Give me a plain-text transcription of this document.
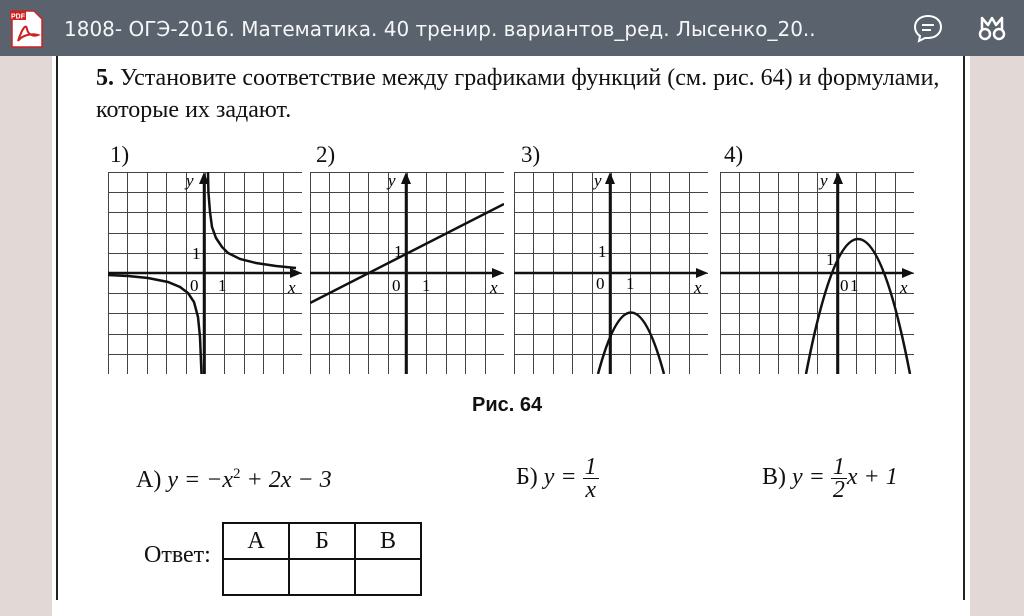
PDF 1808- ОГЭ-2016. Математика. 40 тренир. вариантов_ред. Лысенко_20..
5. Установите соответствие между графиками функций (см. рис. 64) и формулами, которые их задают.
1)	2)	3)	4)
y
x
0 1
1
y
x
0 1
1
y
x
0 1
1
y
x
0 1
1
Рис. 64
А) $y = -x^2 + 2x - 3$	Б) $y = \frac{1}{x}$	В) $y = \frac{1}{2}$ x + 1
Ответ:
А	Б	В
